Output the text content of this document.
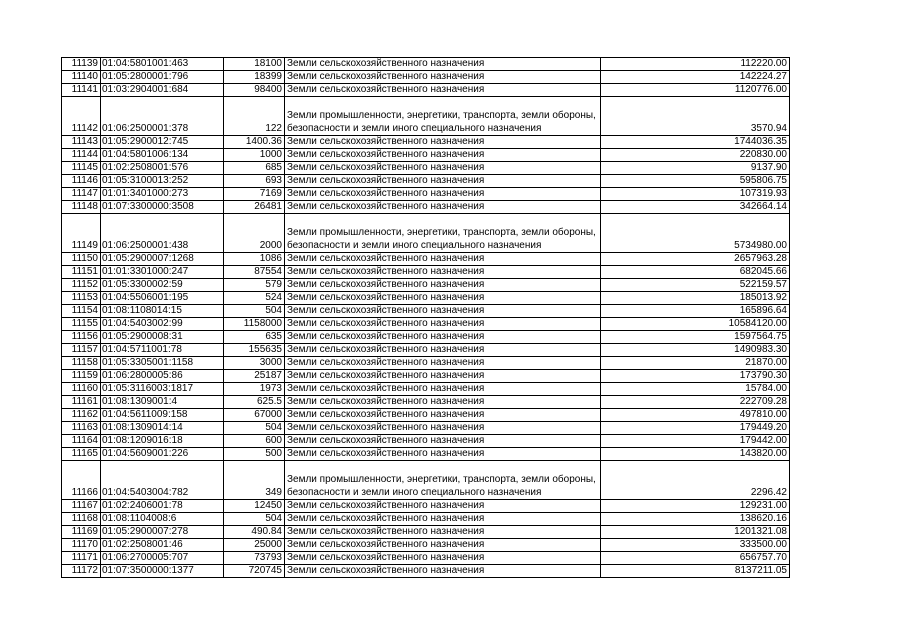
11139	01:04:5801001:463	18100	Земли сельскохозяйственного назначения	112220.00
11140	01:05:2800001:796	18399	Земли сельскохозяйственного назначения	142224.27
11141	01:03:2904001:684	98400	Земли сельскохозяйственного назначения	1120776.00
11142	01:06:2500001:378	122	Земли промышленности, энергетики, транспорта, земли обороны, безопасности и земли иного специального назначения	3570.94
11143	01:05:2900012:745	1400.36	Земли сельскохозяйственного назначения	1744036.35
11144	01:04:5801006:134	1000	Земли сельскохозяйственного назначения	220830.00
11145	01:02:2508001:576	685	Земли сельскохозяйственного назначения	9137.90
11146	01:05:3100013:252	693	Земли сельскохозяйственного назначения	595806.75
11147	01:01:3401000:273	7169	Земли сельскохозяйственного назначения	107319.93
11148	01:07:3300000:3508	26481	Земли сельскохозяйственного назначения	342664.14
11149	01:06:2500001:438	2000	Земли промышленности, энергетики, транспорта, земли обороны, безопасности и земли иного специального назначения	5734980.00
11150	01:05:2900007:1268	1086	Земли сельскохозяйственного назначения	2657963.28
11151	01:01:3301000:247	87554	Земли сельскохозяйственного назначения	682045.66
11152	01:05:3300002:59	579	Земли сельскохозяйственного назначения	522159.57
11153	01:04:5506001:195	524	Земли сельскохозяйственного назначения	185013.92
11154	01:08:1108014:15	504	Земли сельскохозяйственного назначения	165896.64
11155	01:04:5403002:99	1158000	Земли сельскохозяйственного назначения	10584120.00
11156	01:05:2900008:31	635	Земли сельскохозяйственного назначения	1597564.75
11157	01:04:5711001:78	155635	Земли сельскохозяйственного назначения	1490983.30
11158	01:05:3305001:1158	3000	Земли сельскохозяйственного назначения	21870.00
11159	01:06:2800005:86	25187	Земли сельскохозяйственного назначения	173790.30
11160	01:05:3116003:1817	1973	Земли сельскохозяйственного назначения	15784.00
11161	01:08:1309001:4	625.5	Земли сельскохозяйственного назначения	222709.28
11162	01:04:5611009:158	67000	Земли сельскохозяйственного назначения	497810.00
11163	01:08:1309014:14	504	Земли сельскохозяйственного назначения	179449.20
11164	01:08:1209016:18	600	Земли сельскохозяйственного назначения	179442.00
11165	01:04:5609001:226	500	Земли сельскохозяйственного назначения	143820.00
11166	01:04:5403004:782	349	Земли промышленности, энергетики, транспорта, земли обороны, безопасности и земли иного специального назначения	2296.42
11167	01:02:2406001:78	12450	Земли сельскохозяйственного назначения	129231.00
11168	01:08:1104008:6	504	Земли сельскохозяйственного назначения	138620.16
11169	01:05:2900007:278	490.84	Земли сельскохозяйственного назначения	1201321.08
11170	01:02:2508001:46	25000	Земли сельскохозяйственного назначения	333500.00
11171	01:06:2700005:707	73793	Земли сельскохозяйственного назначения	656757.70
11172	01:07:3500000:1377	720745	Земли сельскохозяйственного назначения	8137211.05
